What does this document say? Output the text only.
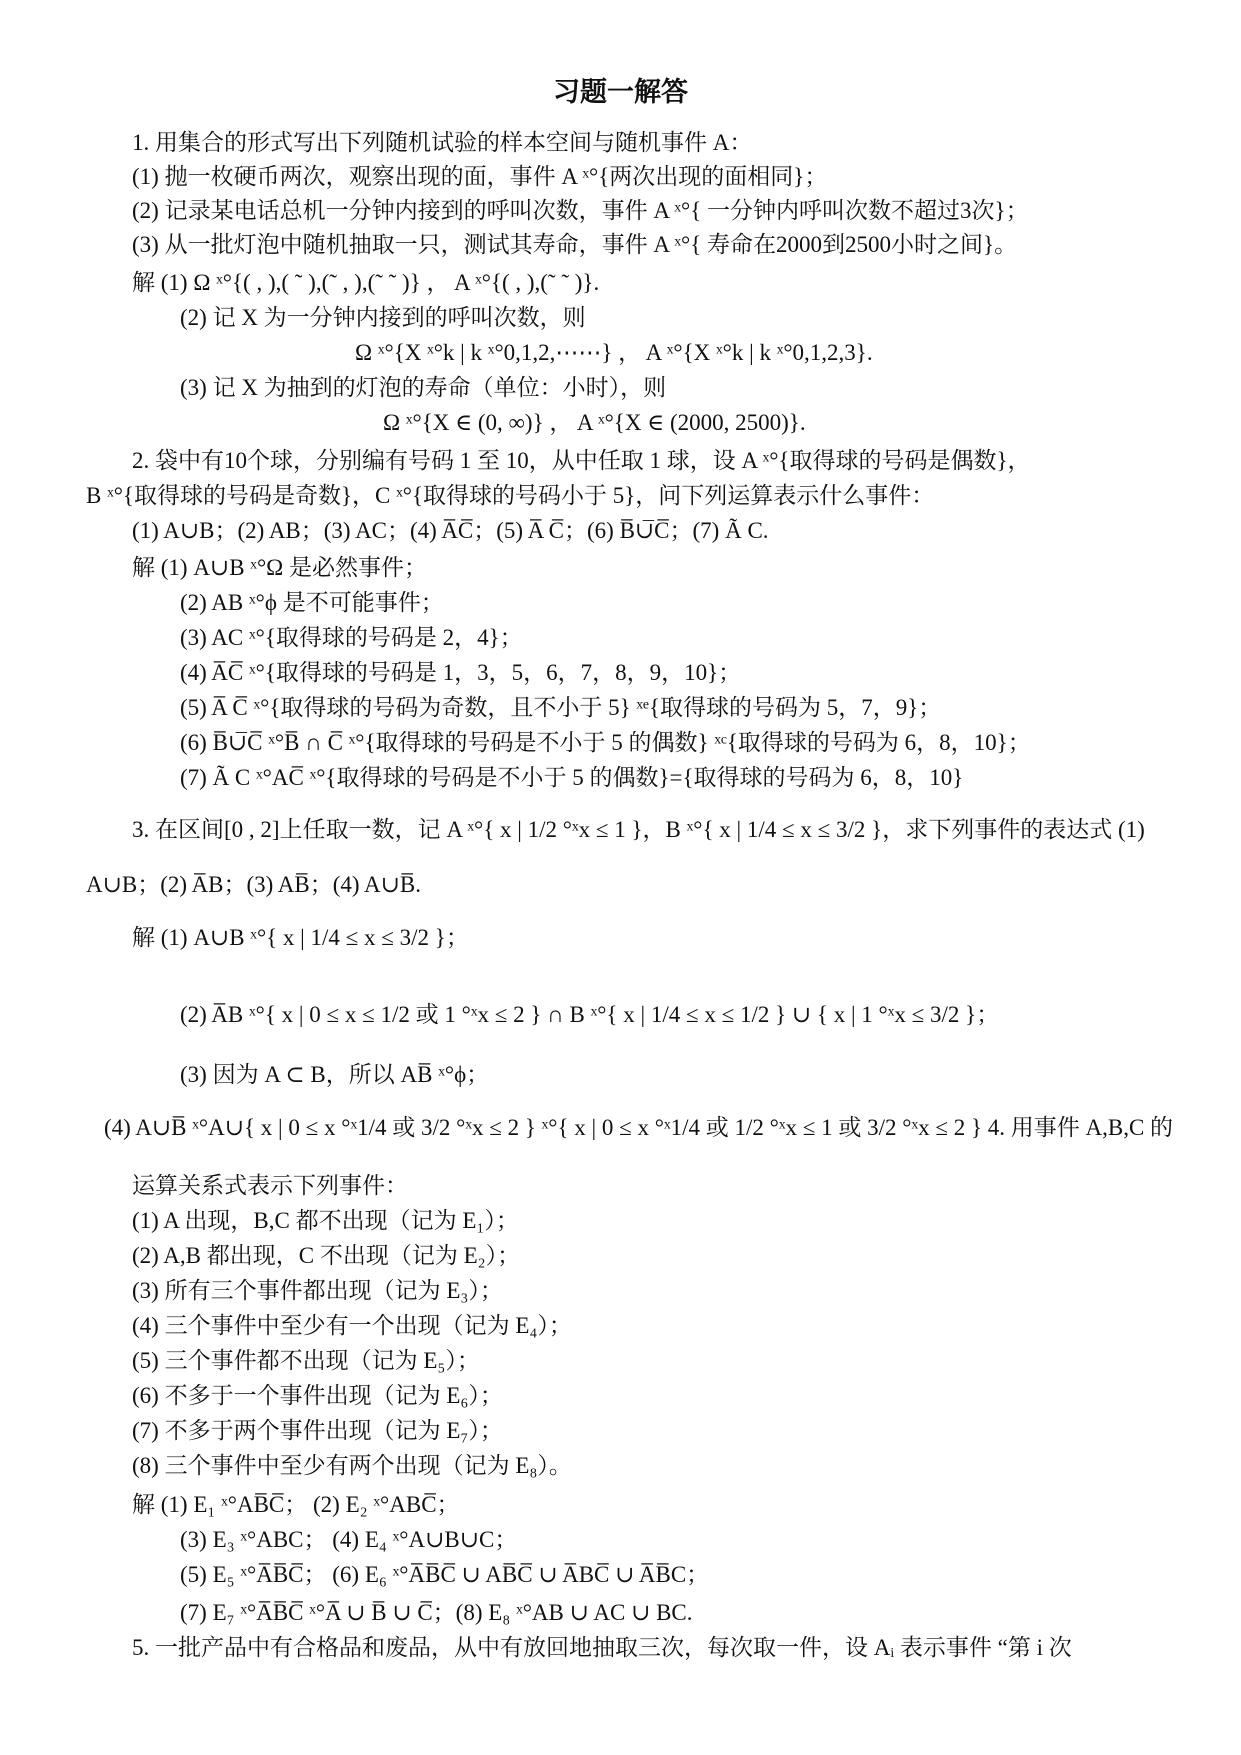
习题一解答
1. 用集合的形式写出下列随机试验的样本空间与随机事件 A：
(1) 抛一枚硬币两次，观察出现的面，事件 A ˣ°{两次出现的面相同}；
(2) 记录某电话总机一分钟内接到的呼叫次数，事件 A ˣ°{ 一分钟内呼叫次数不超过3次}；
(3) 从一批灯泡中随机抽取一只，测试其寿命，事件 A ˣ°{ 寿命在2000到2500小时之间}。
解 (1) Ω ˣ°{( , ),( ˜ ),(˜ , ),(˜ ˜ )} ， A ˣ°{( , ),(˜ ˜ )}.
(2) 记 X 为一分钟内接到的呼叫次数，则
Ω ˣ°{X ˣ°k | k ˣ°0,1,2,⋯⋯} ， A ˣ°{X ˣ°k | k ˣ°0,1,2,3}.
(3) 记 X 为抽到的灯泡的寿命（单位：小时），则
Ω ˣ°{X ∈ (0, ∞)} ， A ˣ°{X ∈ (2000, 2500)}.
2. 袋中有10个球，分别编有号码 1 至 10，从中任取 1 球，设 A ˣ°{取得球的号码是偶数}，
B ˣ°{取得球的号码是奇数}，C ˣ°{取得球的号码小于 5}，问下列运算表示什么事件：
(1) A∪B；(2) AB；(3) AC；(4) A̅C̅；(5) A̅ C̅；(6) B̅∪̅C̅；(7) Ã C.
解 (1) A∪B ˣ°Ω 是必然事件；
(2) AB ˣ°ϕ 是不可能事件；
(3) AC ˣ°{取得球的号码是 2，4}；
(4) A̅C̅ ˣ°{取得球的号码是 1，3，5，6，7，8，9，10}；
(5) A̅ C̅ ˣ°{取得球的号码为奇数，且不小于 5} ˣᵉ{取得球的号码为 5，7，9}；
(6) B̅∪̅C̅ ˣ°B̅ ∩ C̅ ˣ°{取得球的号码是不小于 5 的偶数} ˣᶜ{取得球的号码为 6，8，10}；
(7) Ã C ˣ°AC̅ ˣ°{取得球的号码是不小于 5 的偶数}={取得球的号码为 6，8，10}
3. 在区间[0 , 2]上任取一数，记 A ˣ°{ x | 1/2 °ˣx ≤ 1 }，B ˣ°{ x | 1/4 ≤ x ≤ 3/2 }，求下列事件的表达式 (1)
A∪B；(2) A̅B；(3) AB̅；(4) A∪B̅.
解 (1) A∪B ˣ°{ x | 1/4 ≤ x ≤ 3/2 }；
(2) A̅B ˣ°{ x | 0 ≤ x ≤ 1/2 或 1 °ˣx ≤ 2 } ∩ B ˣ°{ x | 1/4 ≤ x ≤ 1/2 } ∪ { x | 1 °ˣx ≤ 3/2 }；
(3) 因为 A ⊂ B，所以 AB̅ ˣ°ϕ；
(4) A∪B̅ ˣ°A∪{ x | 0 ≤ x °ˣ1/4 或 3/2 °ˣx ≤ 2 } ˣ°{ x | 0 ≤ x °ˣ1/4 或 1/2 °ˣx ≤ 1 或 3/2 °ˣx ≤ 2 } 4. 用事件 A,B,C 的
运算关系式表示下列事件：
(1) A 出现，B,C 都不出现（记为 E₁）；
(2) A,B 都出现，C 不出现（记为 E₂）；
(3) 所有三个事件都出现（记为 E₃）；
(4) 三个事件中至少有一个出现（记为 E₄）；
(5) 三个事件都不出现（记为 E₅）；
(6) 不多于一个事件出现（记为 E₆）；
(7) 不多于两个事件出现（记为 E₇）；
(8) 三个事件中至少有两个出现（记为 E₈）。
解 (1) E₁ ˣ°AB̅C̅； (2) E₂ ˣ°ABC̅；
(3) E₃ ˣ°ABC； (4) E₄ ˣ°A∪B∪C；
(5) E₅ ˣ°A̅B̅C̅； (6) E₆ ˣ°A̅B̅C̅ ∪ AB̅C̅ ∪ A̅BC̅ ∪ A̅B̅C；
(7) E₇ ˣ°A̅B̅C̅ ˣ°A̅ ∪ B̅ ∪ C̅；(8) E₈ ˣ°AB ∪ AC ∪ BC.
5. 一批产品中有合格品和废品，从中有放回地抽取三次，每次取一件，设 Aᵢ 表示事件 “第 i 次
